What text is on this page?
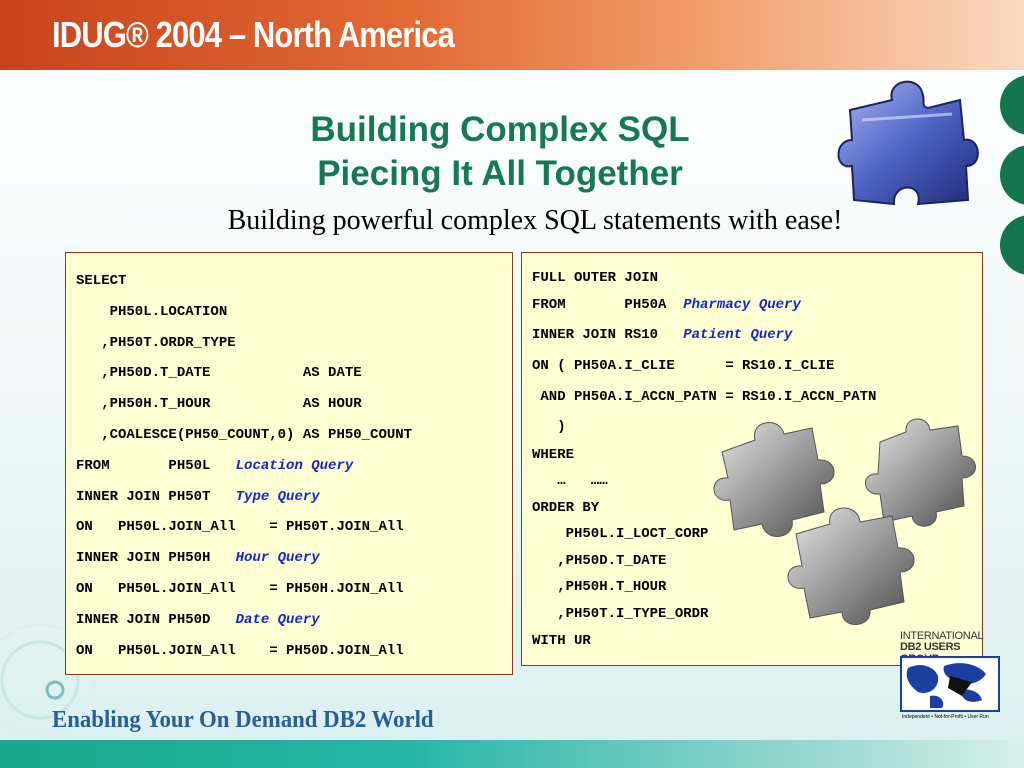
IDUG® 2004 – North America
Building Complex SQL
Piecing It All Together
Building powerful complex SQL statements with ease!
SELECT
PH50L.LOCATION
,PH50T.ORDR_TYPE
,PH50D.T_DATE           AS DATE
,PH50H.T_HOUR           AS HOUR
,COALESCE(PH50_COUNT,0) AS PH50_COUNT
FROM       PH50L   Location Query
INNER JOIN PH50T   Type Query
ON   PH50L.JOIN_All    = PH50T.JOIN_All
INNER JOIN PH50H   Hour Query
ON   PH50L.JOIN_All    = PH50H.JOIN_All
INNER JOIN PH50D   Date Query
ON   PH50L.JOIN_All    = PH50D.JOIN_All
FULL OUTER JOIN
FROM       PH50A  Pharmacy Query
INNER JOIN RS10   Patient Query
ON ( PH50A.I_CLIE      = RS10.I_CLIE
AND PH50A.I_ACCN_PATN = RS10.I_ACCN_PATN
)
WHERE
…   ……
ORDER BY
PH50L.I_LOCT_CORP
,PH50D.T_DATE
,PH50H.T_HOUR
,PH50T.I_TYPE_ORDR
WITH UR
Enabling Your On Demand DB2 World
INTERNATIONAL
DB2 USERS
Independent • Not-for-Profit • User Run
